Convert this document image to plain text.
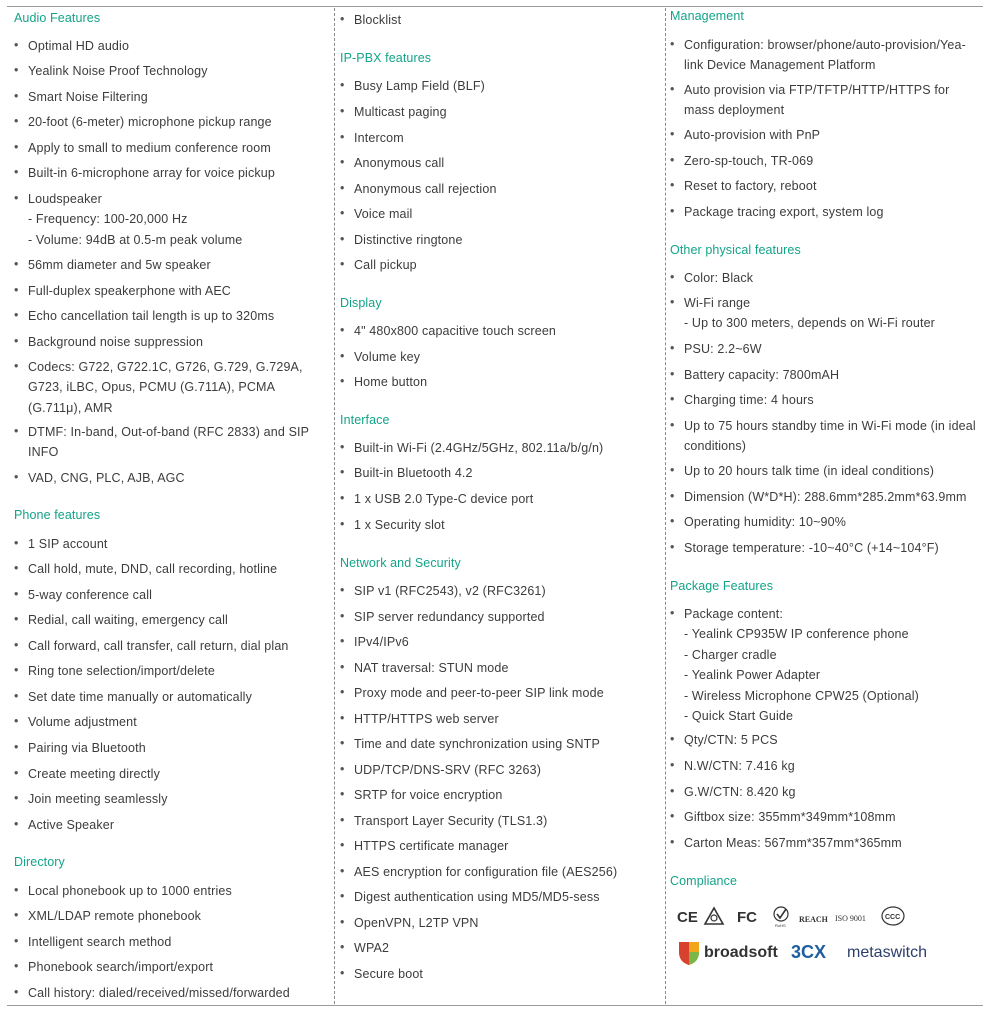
Audio Features
• Optimal HD audio
• Yealink Noise Proof Technology
• Smart Noise Filtering
• 20-foot (6-meter) microphone pickup range
• Apply to small to medium conference room
• Built-in 6-microphone array for voice pickup
• Loudspeaker
- Frequency: 100-20,000 Hz
- Volume: 94dB at 0.5-m peak volume
• 56mm diameter and 5w speaker
• Full-duplex speakerphone with AEC
• Echo cancellation tail length is up to 320ms
• Background noise suppression
• Codecs: G722, G722.1C, G726, G.729, G.729A,
G723, iLBC, Opus, PCMU (G.711A), PCMA
(G.711μ), AMR
• DTMF: In-band, Out-of-band (RFC 2833) and SIP
INFO
• VAD, CNG, PLC, AJB, AGC
Phone features
• 1 SIP account
• Call hold, mute, DND, call recording, hotline
• 5-way conference call
• Redial, call waiting, emergency call
• Call forward, call transfer, call return, dial plan
• Ring tone selection/import/delete
• Set date time manually or automatically
• Volume adjustment
• Pairing via Bluetooth
• Create meeting directly
• Join meeting seamlessly
• Active Speaker
Directory
• Local phonebook up to 1000 entries
• XML/LDAP remote phonebook
• Intelligent search method
• Phonebook search/import/export
• Call history: dialed/received/missed/forwarded
• Blocklist
IP-PBX features
• Busy Lamp Field (BLF)
• Multicast paging
• Intercom
• Anonymous call
• Anonymous call rejection
• Voice mail
• Distinctive ringtone
• Call pickup
Display
• 4" 480x800 capacitive touch screen
• Volume key
• Home button
Interface
• Built-in Wi-Fi (2.4GHz/5GHz, 802.11a/b/g/n)
• Built-in Bluetooth 4.2
• 1 x USB 2.0 Type-C device port
• 1 x Security slot
Network and Security
• SIP v1 (RFC2543), v2 (RFC3261)
• SIP server redundancy supported
• IPv4/IPv6
• NAT traversal: STUN mode
• Proxy mode and peer-to-peer SIP link mode
• HTTP/HTTPS web server
• Time and date synchronization using SNTP
• UDP/TCP/DNS-SRV (RFC 3263)
• SRTP for voice encryption
• Transport Layer Security (TLS1.3)
• HTTPS certificate manager
• AES encryption for configuration file (AES256)
• Digest authentication using MD5/MD5-sess
• OpenVPN, L2TP VPN
• WPA2
• Secure boot
Management
• Configuration: browser/phone/auto-provision/Yea-
link Device Management Platform
• Auto provision via FTP/TFTP/HTTP/HTTPS for
mass deployment
• Auto-provision with PnP
• Zero-sp-touch, TR-069
• Reset to factory, reboot
• Package tracing export, system log
Other physical features
• Color: Black
• Wi-Fi range
- Up to 300 meters, depends on Wi-Fi router
• PSU: 2.2~6W
• Battery capacity: 7800mAH
• Charging time: 4 hours
• Up to 75 hours standby time in Wi-Fi mode (in ideal
conditions)
• Up to 20 hours talk time (in ideal conditions)
• Dimension (W*D*H): 288.6mm*285.2mm*63.9mm
• Operating humidity: 10~90%
• Storage temperature: -10~40°C (+14~104°F)
Package Features
• Package content:
- Yealink CP935W IP conference phone
- Charger cradle
- Yealink Power Adapter
- Wireless Microphone CPW25 (Optional)
- Quick Start Guide
• Qty/CTN: 5 PCS
• N.W/CTN: 7.416 kg
• G.W/CTN: 8.420 kg
• Giftbox size: 355mm*349mm*108mm
• Carton Meas: 567mm*357mm*365mm
Compliance
CE	FC	RoHS
REACH ISO 9001	CCC
broadsoft 3CX metaswitch
